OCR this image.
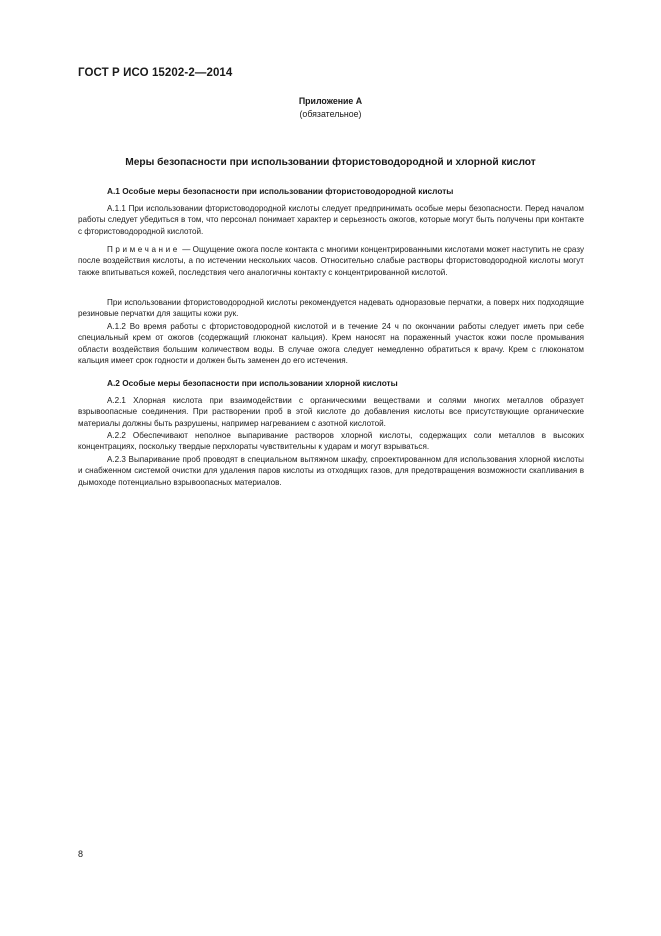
ГОСТ Р ИСО 15202-2—2014
Приложение А
(обязательное)
Меры безопасности при использовании фтористоводородной и хлорной кислот
А.1 Особые меры безопасности при использовании фтористоводородной кислоты

А.1.1 При использовании фтористоводородной кислоты следует предпринимать особые меры безопасности. Перед началом работы следует убедиться в том, что персонал понимает характер и серьезность ожогов, которые могут быть получены при контакте с фтористоводородной кислотой.

Примечание — Ощущение ожога после контакта с многими концентрированными кислотами может наступить не сразу после воздействия кислоты, а по истечении нескольких часов. Относительно слабые растворы фтористоводородной кислоты могут также впитываться кожей, последствия чего аналогичны контакту с концентрированной кислотой.

При использовании фтористоводородной кислоты рекомендуется надевать одноразовые перчатки, а поверх них подходящие резиновые перчатки для защиты кожи рук.

А.1.2 Во время работы с фтористоводородной кислотой и в течение 24 ч по окончании работы следует иметь при себе специальный крем от ожогов (содержащий глюконат кальция). Крем наносят на пораженный участок кожи после промывания области воздействия большим количеством воды. В случае ожога следует немедленно обратиться к врачу. Крем с глюконатом кальция имеет срок годности и должен быть заменен до его истечения.

А.2 Особые меры безопасности при использовании хлорной кислоты

А.2.1 Хлорная кислота при взаимодействии с органическими веществами и солями многих металлов образует взрывоопасные соединения. При растворении проб в этой кислоте до добавления кислоты все присутствующие органические материалы должны быть разрушены, например нагреванием с азотной кислотой.

А.2.2 Обеспечивают неполное выпаривание растворов хлорной кислоты, содержащих соли металлов в высоких концентрациях, поскольку твердые перхлораты чувствительны к ударам и могут взрываться.

А.2.3 Выпаривание проб проводят в специальном вытяжном шкафу, спроектированном для использования хлорной кислоты и снабженном системой очистки для удаления паров кислоты из отходящих газов, для предотвращения возможности скапливания в дымоходе потенциально взрывоопасных материалов.

8
